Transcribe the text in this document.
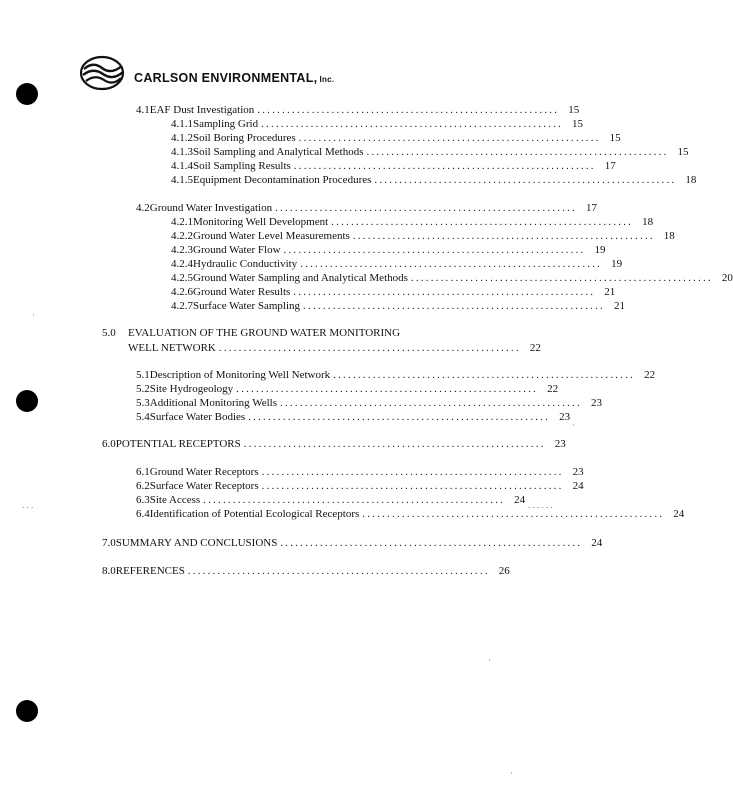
CARLSON ENVIRONMENTAL, Inc.
4.1 EAF Dust Investigation ............................................................. 15
4.1.1 Sampling Grid ............................................................. 15
4.1.2 Soil Boring Procedures ............................................................. 15
4.1.3 Soil Sampling and Analytical Methods ............................................................. 15
4.1.4 Soil Sampling Results ............................................................. 17
4.1.5 Equipment Decontamination Procedures ............................................................. 18
4.2 Ground Water Investigation ............................................................. 17
4.2.1 Monitoring Well Development ............................................................. 18
4.2.2 Ground Water Level Measurements ............................................................. 18
4.2.3 Ground Water Flow ............................................................. 19
4.2.4 Hydraulic Conductivity ............................................................. 19
4.2.5 Ground Water Sampling and Analytical Methods ............................................................. 20
4.2.6 Ground Water Results ............................................................. 21
4.2.7 Surface Water Sampling ............................................................. 21
5.0	EVALUATION OF THE GROUND WATER MONITORING
WELL NETWORK ............................................................. 22
5.1 Description of Monitoring Well Network ............................................................. 22
5.2 Site Hydrogeology ............................................................. 22
5.3 Additional Monitoring Wells ............................................................. 23
5.4 Surface Water Bodies ............................................................. 23
6.0 POTENTIAL RECEPTORS ............................................................. 23
6.1 Ground Water Receptors ............................................................. 23
6.2 Surface Water Receptors ............................................................. 24
6.3 Site Access ............................................................. 24
6.4 Identification of Potential Ecological Receptors ............................................................. 24
7.0 SUMMARY AND CONCLUSIONS ............................................................. 24
8.0 REFERENCES ............................................................. 26
. . .	. . . . . .
·
·
·
·
